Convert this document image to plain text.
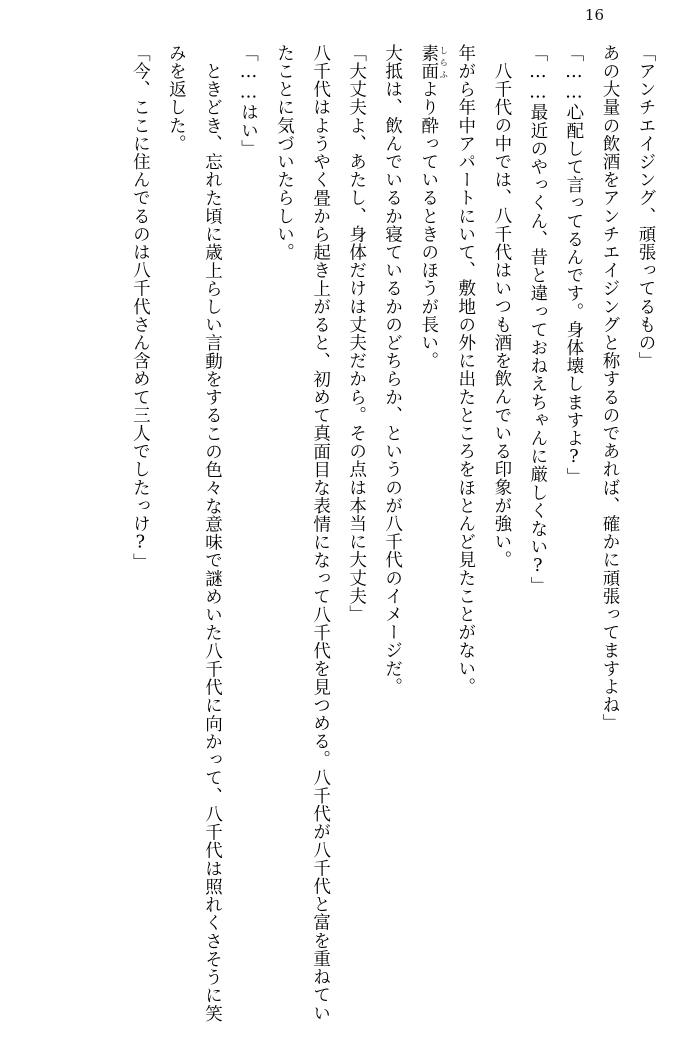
16

「アンチエイジング、頑張ってるもの」

あの大量の飲酒をアンチエイジングと称するのであれば、確かに頑張ってますよね」

「……心配して言ってるんです。身体壊しますよ?」

「……最近のやっくん、昔と違っておねえちゃんに厳しくない?」

八千代の中では、八千代はいつも酒を飲んでいる印象が強い。

年がら年中アパートにいて、敷地の外に出たところをほとんど見たことがない。

素面 しらふより酔っているときのほうが長い。

大抵は、飲んでいるか寝ているかのどちらか、というのが八千代のイメージだ。

「大丈夫よ、あたし、身体だけは丈夫だから。その点は本当に大丈夫」

八千代はようやく畳から起き上がると、初めて真面目な表情になって八千代を見つめる。八千代が八千代と富を重ねていたことに気づいたらしい。

「……はい」

ときどき、忘れた頃に歳上らしい言動をするこの色々な意味で謎めいた八千代に向かって、八千代は照れくさそうに笑みを返した。

「今、ここに住んでるのは八千代さん含めて三人でしたっけ?」
